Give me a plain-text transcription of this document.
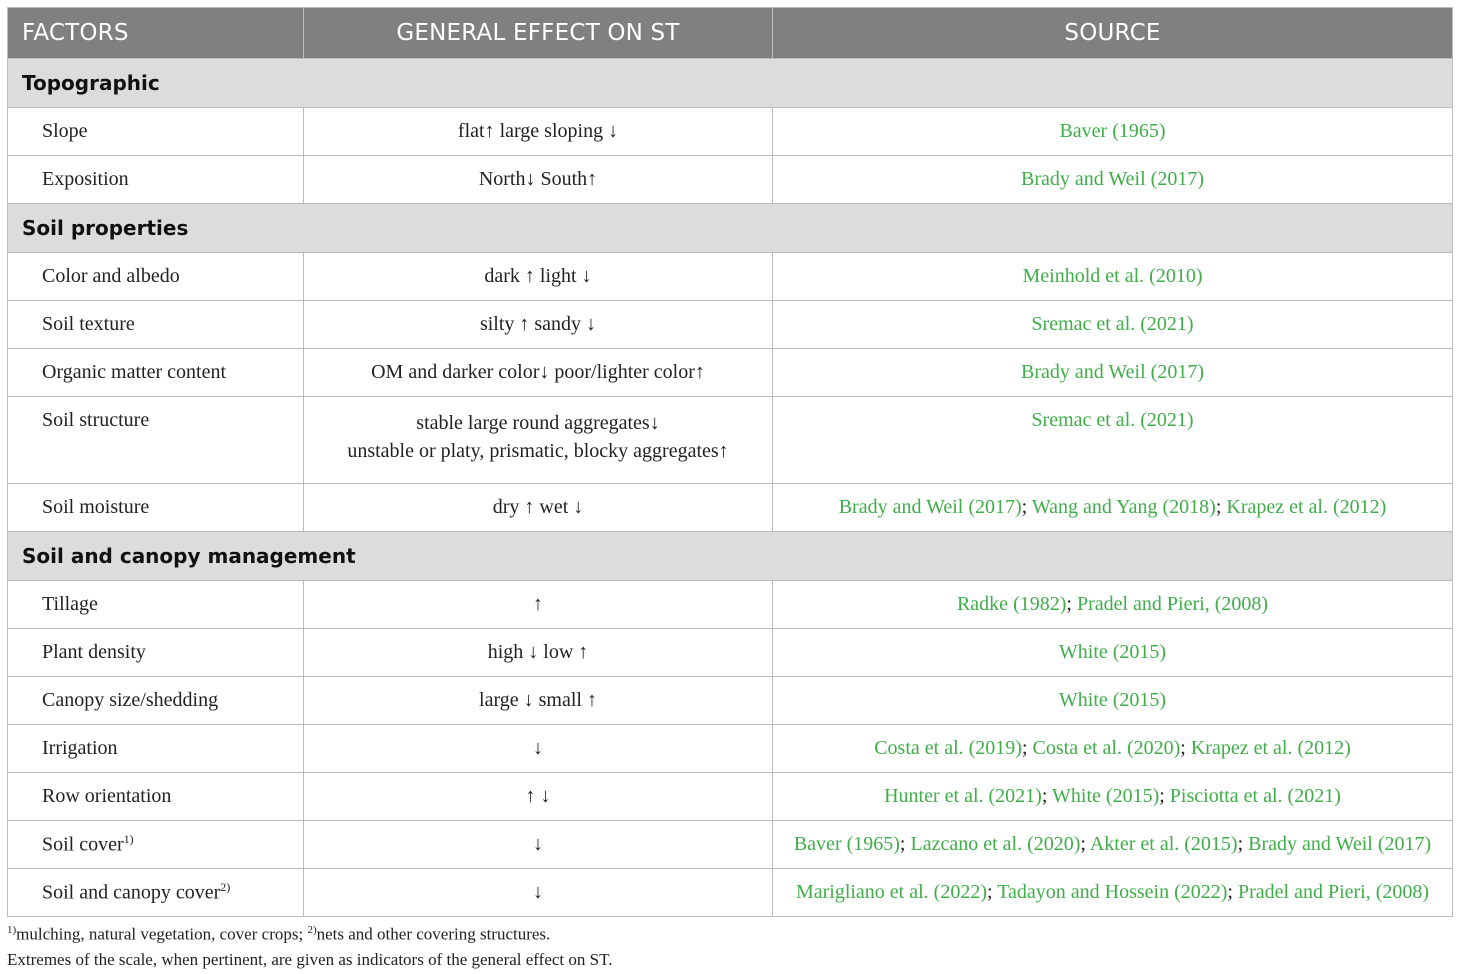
FACTORS	GENERAL EFFECT ON ST	SOURCE
Topographic		
Slope	flat↑ large sloping ↓	Baver (1965)
Exposition	North↓ South↑	Brady and Weil (2017)
Soil properties		
Color and albedo	dark ↑ light ↓	Meinhold et al. (2010)
Soil texture	silty ↑ sandy ↓	Sremac et al. (2021)
Organic matter content	OM and darker color↓ poor/lighter color↑	Brady and Weil (2017)
Soil structure	stable large round aggregates↓
unstable or platy, prismatic, blocky aggregates↑	Sremac et al. (2021)
Soil moisture	dry ↑ wet ↓	Brady and Weil (2017); Wang and Yang (2018); Krapez et al. (2012)
Soil and canopy management		
Tillage	↑	Radke (1982); Pradel and Pieri, (2008)
Plant density	high ↓ low ↑	White (2015)
Canopy size/shedding	large ↓ small ↑	White (2015)
Irrigation	↓	Costa et al. (2019); Costa et al. (2020); Krapez et al. (2012)
Row orientation	↑ ↓	Hunter et al. (2021); White (2015); Pisciotta et al. (2021)
Soil cover$^{1)}$	↓	Baver (1965); Lazcano et al. (2020); Akter et al. (2015); Brady and Weil (2017)
Soil and canopy cover$^{2)}$	↓	Marigliano et al. (2022); Tadayon and Hossein (2022); Pradel and Pieri, (2008)
$^{1)}$mulching, natural vegetation, cover crops; $^{2)}$nets and other covering structures.
Extremes of the scale, when pertinent, are given as indicators of the general effect on ST.
